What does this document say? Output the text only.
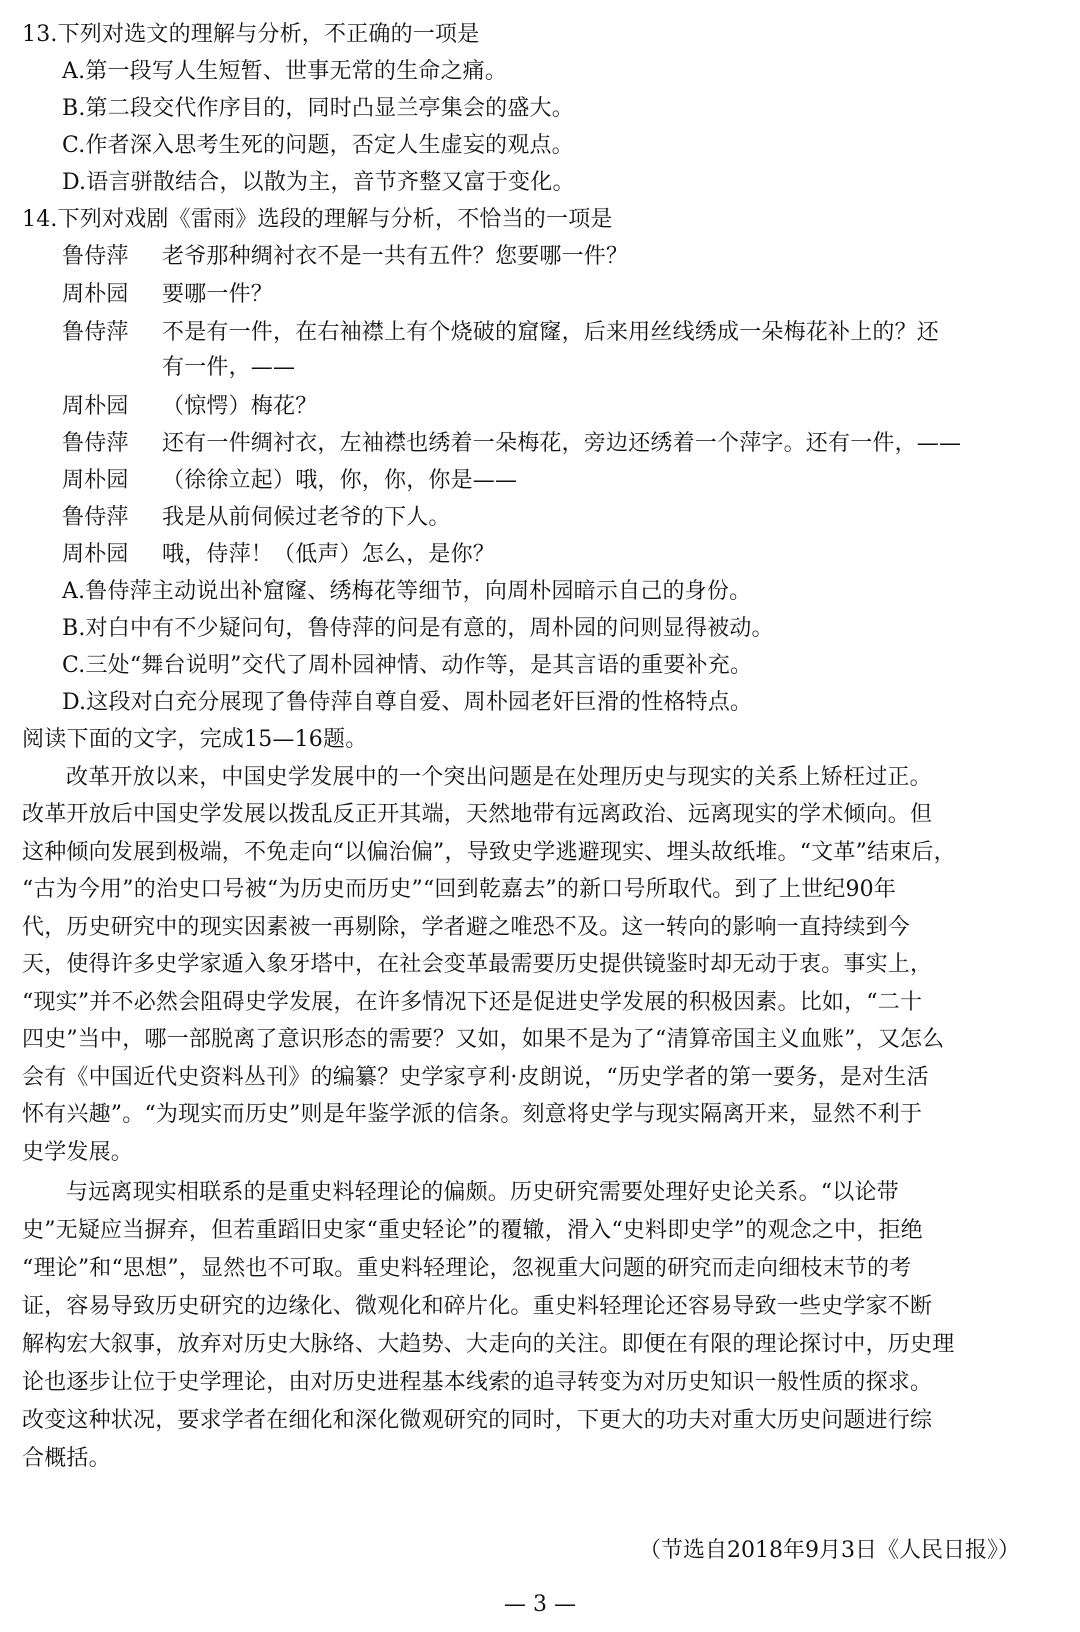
13.下列对选文的理解与分析，不正确的一项是
A.第一段写人生短暂、世事无常的生命之痛。
B.第二段交代作序目的，同时凸显兰亭集会的盛大。
C.作者深入思考生死的问题，否定人生虚妄的观点。
D.语言骈散结合，以散为主，音节齐整又富于变化。
14.下列对戏剧《雷雨》选段的理解与分析，不恰当的一项是
鲁侍萍 老爷那种绸衬衣不是一共有五件？您要哪一件？
周朴园 要哪一件？
鲁侍萍 不是有一件，在右袖襟上有个烧破的窟窿，后来用丝线绣成一朵梅花补上的？还
有一件，——
周朴园 （惊愕）梅花？
鲁侍萍 还有一件绸衬衣，左袖襟也绣着一朵梅花，旁边还绣着一个萍字。还有一件，——
周朴园 （徐徐立起）哦，你，你，你是——
鲁侍萍 我是从前伺候过老爷的下人。
周朴园 哦，侍萍！（低声）怎么，是你？
A.鲁侍萍主动说出补窟窿、绣梅花等细节，向周朴园暗示自己的身份。
B.对白中有不少疑问句，鲁侍萍的问是有意的，周朴园的问则显得被动。
C.三处“舞台说明”交代了周朴园神情、动作等，是其言语的重要补充。
D.这段对白充分展现了鲁侍萍自尊自爱、周朴园老奸巨滑的性格特点。
阅读下面的文字，完成15—16题。
改革开放以来，中国史学发展中的一个突出问题是在处理历史与现实的关系上矫枉过正。
改革开放后中国史学发展以拨乱反正开其端，天然地带有远离政治、远离现实的学术倾向。但
这种倾向发展到极端，不免走向“以偏治偏”，导致史学逃避现实、埋头故纸堆。“文革”结束后，
“古为今用”的治史口号被“为历史而历史”“回到乾嘉去”的新口号所取代。到了上世纪90年
代，历史研究中的现实因素被一再剔除，学者避之唯恐不及。这一转向的影响一直持续到今
天，使得许多史学家遁入象牙塔中，在社会变革最需要历史提供镜鉴时却无动于衷。事实上，
“现实”并不必然会阻碍史学发展，在许多情况下还是促进史学发展的积极因素。比如，“二十
四史”当中，哪一部脱离了意识形态的需要？又如，如果不是为了“清算帝国主义血账”，又怎么
会有《中国近代史资料丛刊》的编纂？史学家亨利·皮朗说，“历史学者的第一要务，是对生活
怀有兴趣”。“为现实而历史”则是年鉴学派的信条。刻意将史学与现实隔离开来，显然不利于
史学发展。
与远离现实相联系的是重史料轻理论的偏颇。历史研究需要处理好史论关系。“以论带
史”无疑应当摒弃，但若重蹈旧史家“重史轻论”的覆辙，滑入“史料即史学”的观念之中，拒绝
“理论”和“思想”，显然也不可取。重史料轻理论，忽视重大问题的研究而走向细枝末节的考
证，容易导致历史研究的边缘化、微观化和碎片化。重史料轻理论还容易导致一些史学家不断
解构宏大叙事，放弃对历史大脉络、大趋势、大走向的关注。即便在有限的理论探讨中，历史理
论也逐步让位于史学理论，由对历史进程基本线索的追寻转变为对历史知识一般性质的探求。
改变这种状况，要求学者在细化和深化微观研究的同时，下更大的功夫对重大历史问题进行综
合概括。
（节选自2018年9月3日《人民日报》）
— 3 —
